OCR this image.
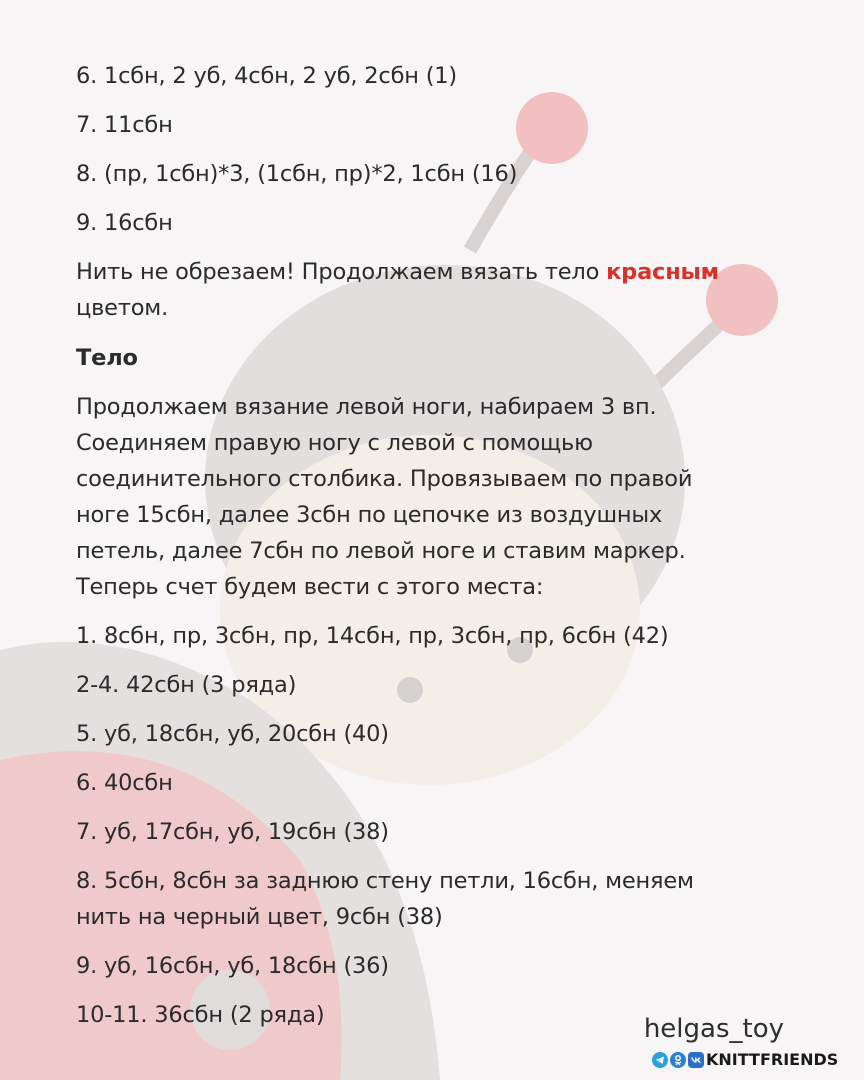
6. 1сбн, 2 уб, 4сбн, 2 уб, 2сбн (1)

7. 11сбн

8. (пр, 1сбн)*3, (1сбн, пр)*2, 1сбн (16)

9. 16сбн

Нить не обрезаем! Продолжаем вязать тело красным
цветом.

Тело

Продолжаем вязание левой ноги, набираем 3 вп.

Соединяем правую ногу с левой с помощью

соединительного столбика. Провязываем по правой

ноге 15сбн, далее 3сбн по цепочке из воздушных

петель, далее 7сбн по левой ноге и ставим маркер.

Теперь счет будем вести с этого места:

1. 8сбн, пр, 3сбн, пр, 14сбн, пр, 3сбн, пр, 6сбн (42)

2-4. 42сбн (3 ряда)

5. уб, 18сбн, уб, 20сбн (40)

6. 40сбн

7. уб, 17сбн, уб, 19сбн (38)

8. 5сбн, 8сбн за заднюю стену петли, 16сбн, меняем

нить на черный цвет, 9сбн (38)

9. уб, 16сбн, уб, 18сбн (36)

10-11. 36сбн (2 ряда)	helgas_toy
KNITTFRIENDS
